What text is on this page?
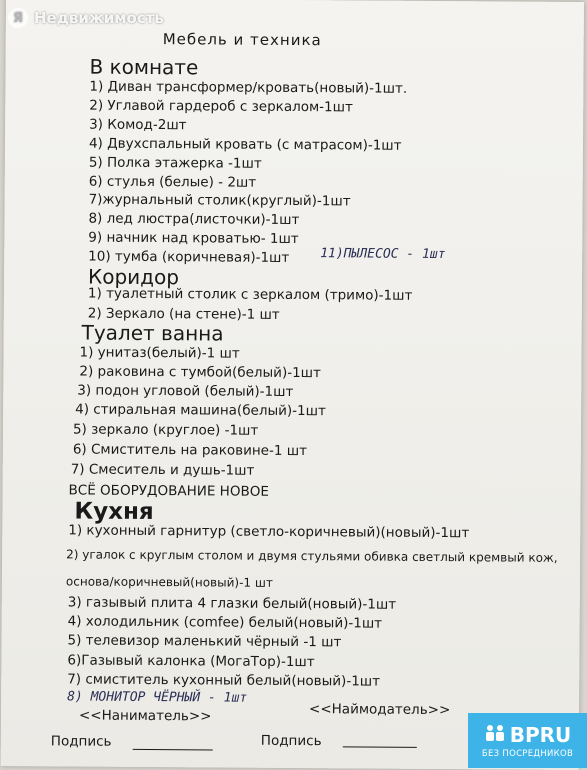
Мебель и техника
В комнате
1) Диван трансформер/кровать(новый)-1шт.
2) Углавой гардероб с зеркалом-1шт
3) Комод-2шт
4) Двухспальный кровать (с матрасом)-1шт
5) Полка этажерка -1шт
6) стулья (белые) - 2шт
7)журнальный столик(круглый)-1шт
8) лед люстра(листочки)-1шт
9) начник над кроватью- 1шт
10) тумба (коричневая)-1шт 11)ПЫЛЕСОС - 1шт
Коридор
1) туалетный столик с зеркалом (тримо)-1шт
2) Зеркало (на стене)-1 шт
Туалет ванна
1) унитаз(белый)-1 шт
2) раковина с тумбой(белый)-1шт
3) подон угловой (белый)-1шт
4) стиральная машина(белый)-1шт
5) зеркало (круглое) -1шт
6) Смиститель на раковине-1 шт
7) Смеситель и душь-1шт
ВСЁ ОБОРУДОВАНИЕ НОВОЕ
Кухня
1) кухонный гарнитур (светло-коричневый)(новый)-1шт
2) угалок с круглым столом и двумя стульями обивка светлый кремвый кож,
основа/коричневый(новый)-1 шт
3) газывый плита 4 глазки белый(новый)-1шт
4) холодильник (comfee) белый(новый)-1шт
5) телевизор маленький чёрный -1 шт
6)Газывый калонка (МогаТор)-1шт
7) смиститель кухонный белый(новый)-1шт
8) МОНИТОР ЧЁРНЫЙ - 1шт
<<Наниматель>>	<<Наймодатель>>
Подпись	Подпись
Я Недвижимость
BPRU
БЕЗ ПОСРЕДНИКОВ
